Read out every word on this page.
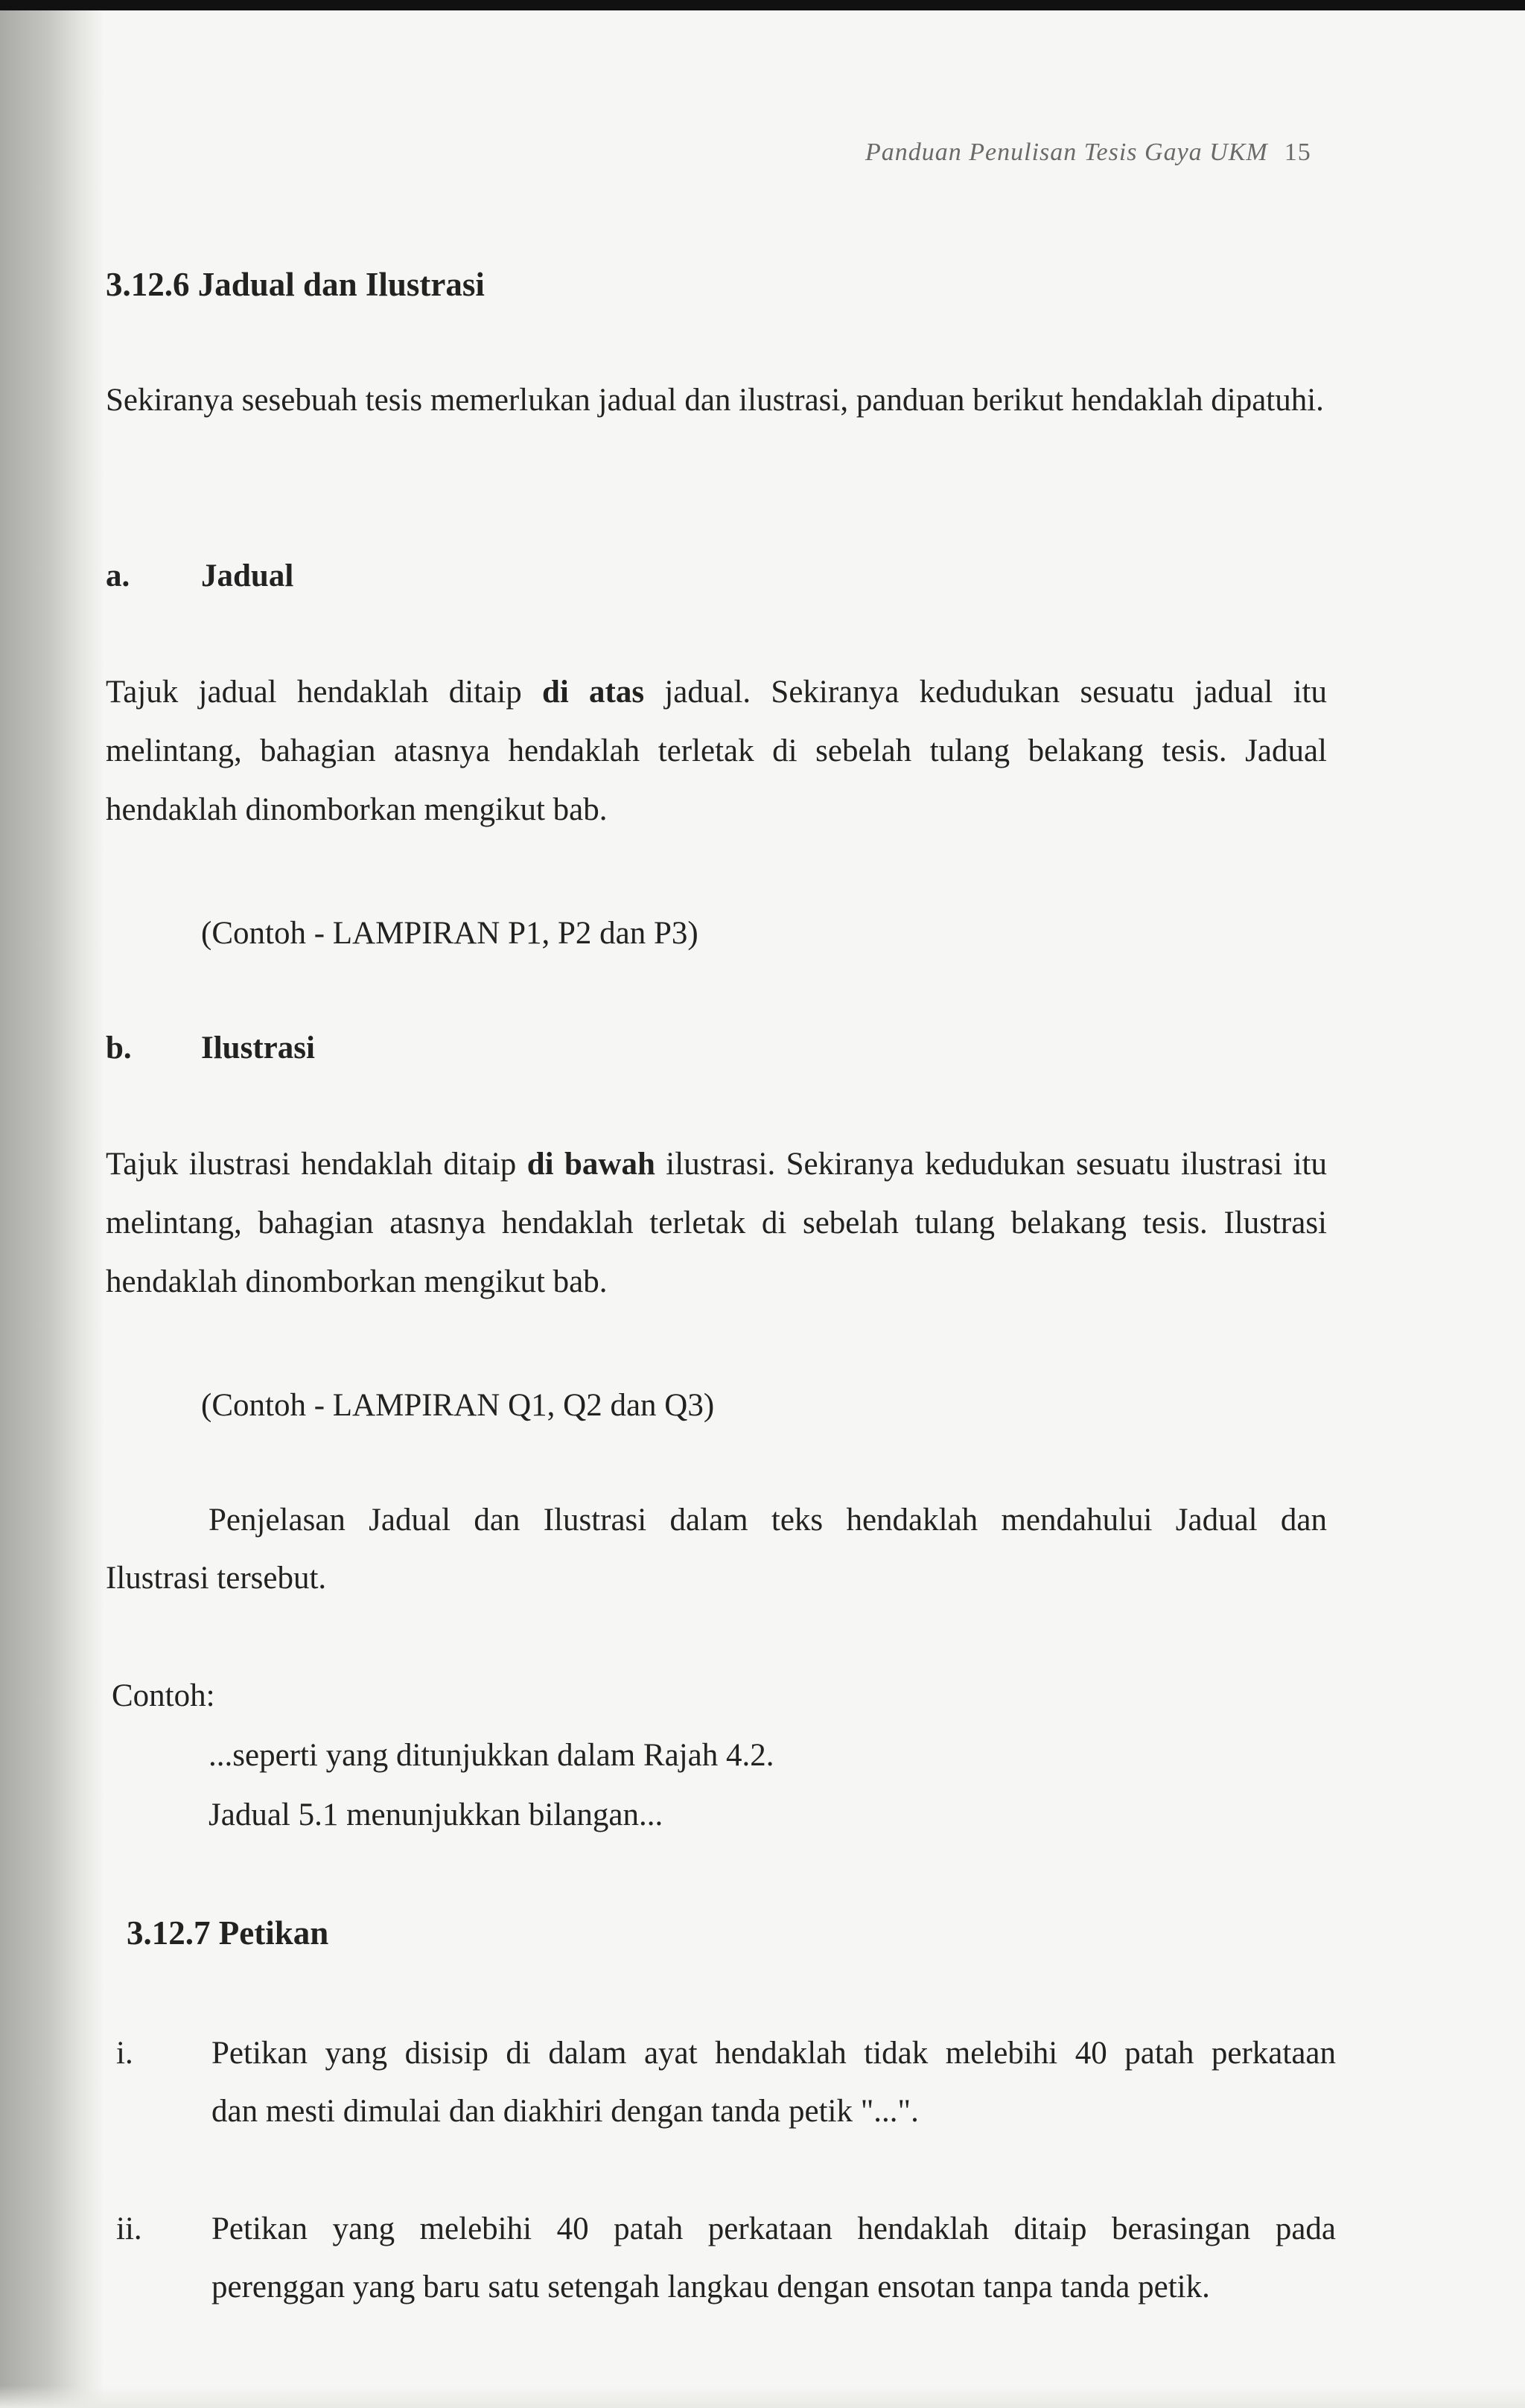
Panduan Penulisan Tesis Gaya UKM 15
3.12.6 Jadual dan Ilustrasi
Sekiranya sesebuah tesis memerlukan jadual dan ilustrasi, panduan berikut hendaklah dipatuhi.
a. Jadual
Tajuk jadual hendaklah ditaip di atas jadual. Sekiranya kedudukan sesuatu jadual itu melintang, bahagian atasnya hendaklah terletak di sebelah tulang belakang tesis. Jadual hendaklah dinomborkan mengikut bab.
(Contoh - LAMPIRAN P1, P2 dan P3)
b. Ilustrasi
Tajuk ilustrasi hendaklah ditaip di bawah ilustrasi. Sekiranya kedudukan sesuatu ilustrasi itu melintang, bahagian atasnya hendaklah terletak di sebelah tulang belakang tesis. Ilustrasi hendaklah dinomborkan mengikut bab.
(Contoh - LAMPIRAN Q1, Q2 dan Q3)
Penjelasan Jadual dan Ilustrasi dalam teks hendaklah mendahului Jadual dan
Ilustrasi tersebut.
Contoh:
...seperti yang ditunjukkan dalam Rajah 4.2.
Jadual 5.1 menunjukkan bilangan...
3.12.7 Petikan
i. Petikan yang disisip di dalam ayat hendaklah tidak melebihi 40 patah perkataan
dan mesti dimulai dan diakhiri dengan tanda petik "...".
ii. Petikan yang melebihi 40 patah perkataan hendaklah ditaip berasingan pada
perenggan yang baru satu setengah langkau dengan ensotan tanpa tanda petik.
